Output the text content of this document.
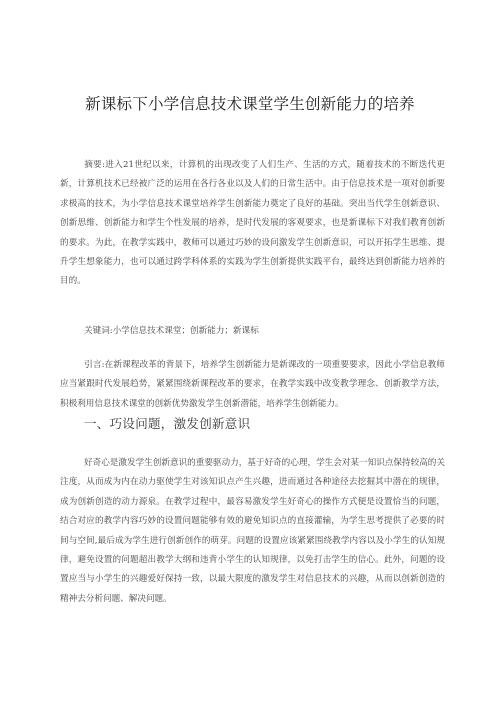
新课标下小学信息技术课堂学生创新能力的培养
摘要:进入21世纪以来，计算机的出现改变了人们生产、生活的方式，随着技术的不断迭代更新，计算机技术已经被广泛的运用在各行各业以及人们的日常生活中。由于信息技术是一项对创新要求极高的技术，为小学信息技术课堂培养学生创新能力奠定了良好的基础。突出当代学生创新意识、创新思维、创新能力和学生个性发展的培养，是时代发展的客观要求，也是新课标下对我们教育创新的要求。为此，在教学实践中，教师可以通过巧妙的设问激发学生创新意识，可以开拓学生思维、提升学生想象能力，也可以通过跨学科体系的实践为学生创新提供实践平台，最终达到创新能力培养的目的。
关键词:小学信息技术课堂；创新能力；新课标
引言:在新课程改革的背景下，培养学生创新能力是新课改的一项重要要求，因此小学信息教师应当紧跟时代发展趋势，紧紧围绕新课程改革的要求，在教学实践中改变教学理念、创新教学方法，积极利用信息技术课堂的创新优势激发学生创新潜能，培养学生创新能力。
一、巧设问题，激发创新意识
好奇心是激发学生创新意识的重要驱动力，基于好奇的心理，学生会对某一知识点保持较高的关注度，从而成为内在动力驱使学生对该知识点产生兴趣，进而通过各种途径去挖掘其中潜在的规律，成为创新创造的动力源泉。在教学过程中，最容易激发学生好奇心的操作方式便是设置恰当的问题，结合对应的教学内容巧妙的设置问题能够有效的避免知识点的直接灌输，为学生思考提供了必要的时间与空间,最后成为学生进行创新创作的萌芽。问题的设置应该紧紧围绕教学内容以及小学生的认知规律，避免设置的问题超出教学大纲和违背小学生的认知规律，以免打击学生的信心。此外，问题的设置应当与小学生的兴趣爱好保持一致，以最大限度的激发学生对信息技术的兴趣，从而以创新创造的精神去分析问题、解决问题。
